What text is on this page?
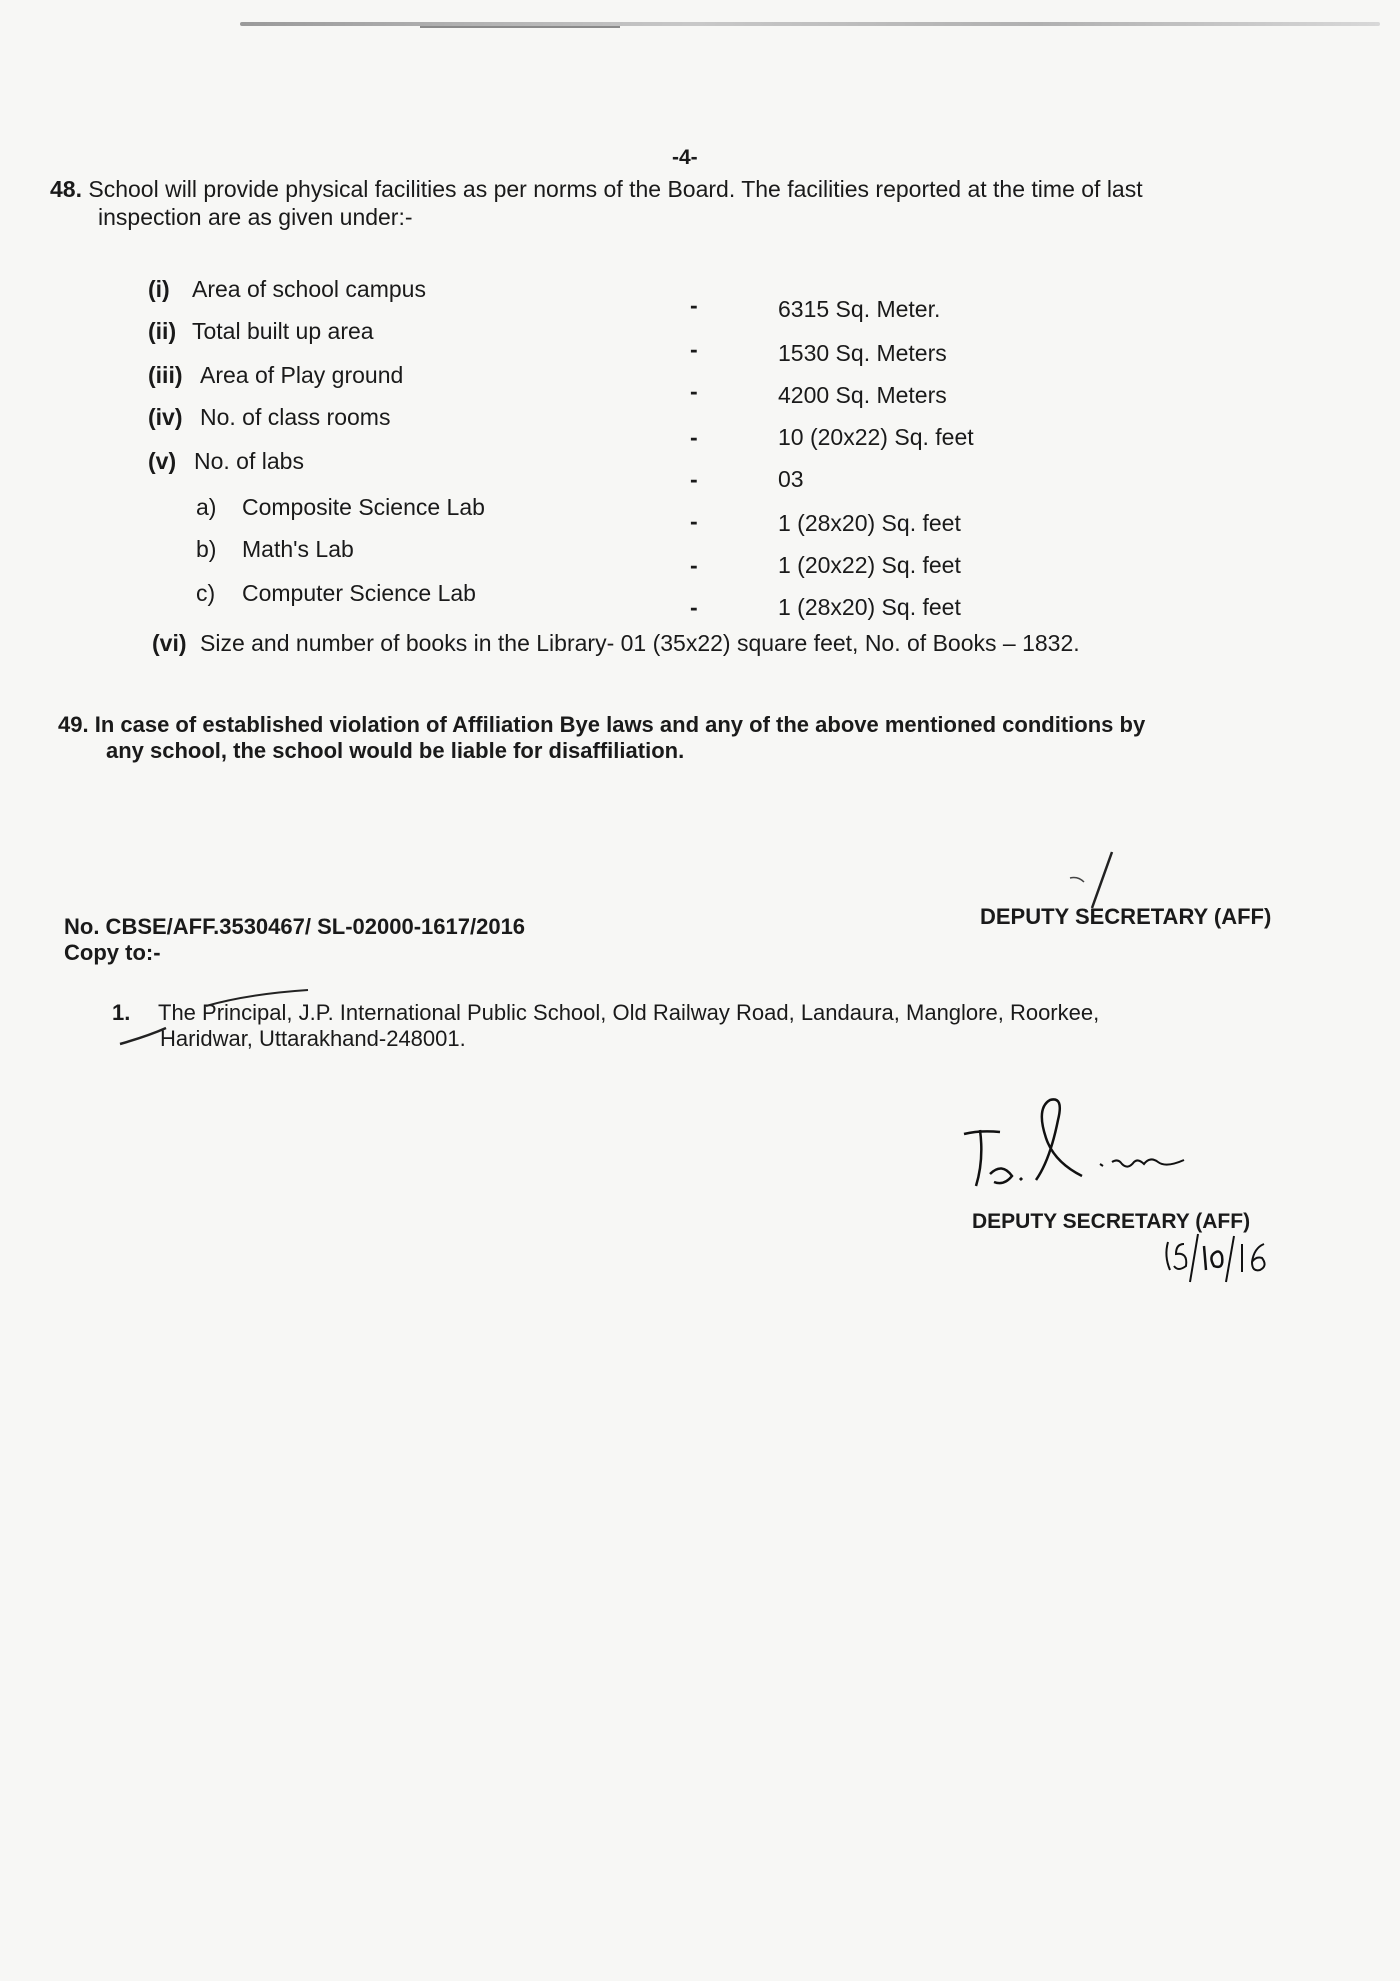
-4-
48. School will provide physical facilities as per norms of the Board. The facilities reported at the time of last
inspection are as given under:-
(i) Area of school campus
-	6315 Sq. Meter.
(ii) Total built up area
-	1530 Sq. Meters
(iii) Area of Play ground
-	4200 Sq. Meters
(iv) No. of class rooms
-	10 (20x22) Sq. feet
(v) No. of labs
-	03
a) Composite Science Lab
-	1 (28x20) Sq. feet
b) Math's Lab
-	1 (20x22) Sq. feet
c) Computer Science Lab
-	1 (28x20) Sq. feet
(vi) Size and number of books in the Library- 01 (35x22) square feet, No. of Books – 1832.
49. In case of established violation of Affiliation Bye laws and any of the above mentioned conditions by
any school, the school would be liable for disaffiliation.
DEPUTY SECRETARY (AFF)
No. CBSE/AFF.3530467/ SL-02000-1617/2016
Copy to:-
1. The Principal, J.P. International Public School, Old Railway Road, Landaura, Manglore, Roorkee,
Haridwar, Uttarakhand-248001.
DEPUTY SECRETARY (AFF)
